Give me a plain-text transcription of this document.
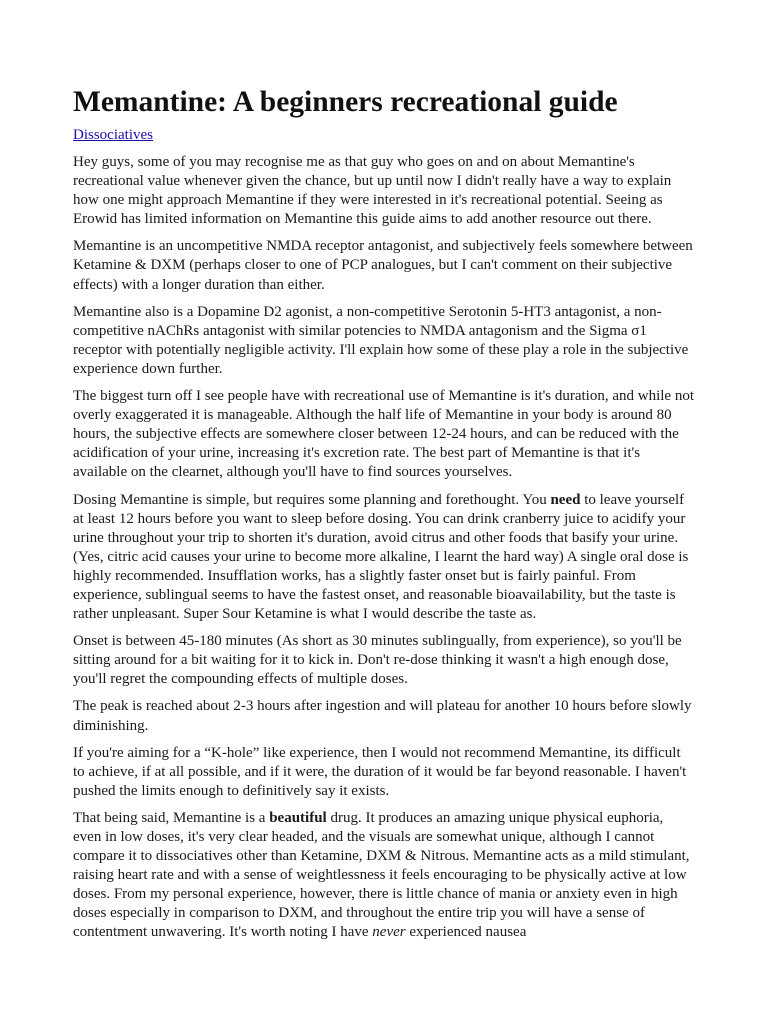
Memantine: A beginners recreational guide
Dissociatives

Hey guys, some of you may recognise me as that guy who goes on and on about Memantine's recreational value whenever given the chance, but up until now I didn't really have a way to explain how one might approach Memantine if they were interested in it's recreational potential. Seeing as Erowid has limited information on Memantine this guide aims to add another resource out there.

Memantine is an uncompetitive NMDA receptor antagonist, and subjectively feels somewhere between Ketamine & DXM (perhaps closer to one of PCP analogues, but I can't comment on their subjective effects) with a longer duration than either.

Memantine also is a Dopamine D2 agonist, a non-competitive Serotonin 5-HT3 antagonist, a non-competitive nAChRs antagonist with similar potencies to NMDA antagonism and the Sigma σ1 receptor with potentially negligible activity. I'll explain how some of these play a role in the subjective experience down further.

The biggest turn off I see people have with recreational use of Memantine is it's duration, and while not overly exaggerated it is manageable. Although the half life of Memantine in your body is around 80 hours, the subjective effects are somewhere closer between 12-24 hours, and can be reduced with the acidification of your urine, increasing it's excretion rate. The best part of Memantine is that it's available on the clearnet, although you'll have to find sources yourselves.

Dosing Memantine is simple, but requires some planning and forethought. You need to leave yourself at least 12 hours before you want to sleep before dosing. You can drink cranberry juice to acidify your urine throughout your trip to shorten it's duration, avoid citrus and other foods that basify your urine. (Yes, citric acid causes your urine to become more alkaline, I learnt the hard way) A single oral dose is highly recommended. Insufflation works, has a slightly faster onset but is fairly painful. From experience, sublingual seems to have the fastest onset, and reasonable bioavailability, but the taste is rather unpleasant. Super Sour Ketamine is what I would describe the taste as.

Onset is between 45-180 minutes (As short as 30 minutes sublingually, from experience), so you'll be sitting around for a bit waiting for it to kick in. Don't re-dose thinking it wasn't a high enough dose, you'll regret the compounding effects of multiple doses.

The peak is reached about 2-3 hours after ingestion and will plateau for another 10 hours before slowly diminishing.

If you're aiming for a “K-hole” like experience, then I would not recommend Memantine, its difficult to achieve, if at all possible, and if it were, the duration of it would be far beyond reasonable. I haven't pushed the limits enough to definitively say it exists.

That being said, Memantine is a beautiful drug. It produces an amazing unique physical euphoria, even in low doses, it's very clear headed, and the visuals are somewhat unique, although I cannot compare it to dissociatives other than Ketamine, DXM & Nitrous. Memantine acts as a mild stimulant, raising heart rate and with a sense of weightlessness it feels encouraging to be physically active at low doses. From my personal experience, however, there is little chance of mania or anxiety even in high doses especially in comparison to DXM, and throughout the entire trip you will have a sense of contentment unwavering. It's worth noting I have never experienced nausea
